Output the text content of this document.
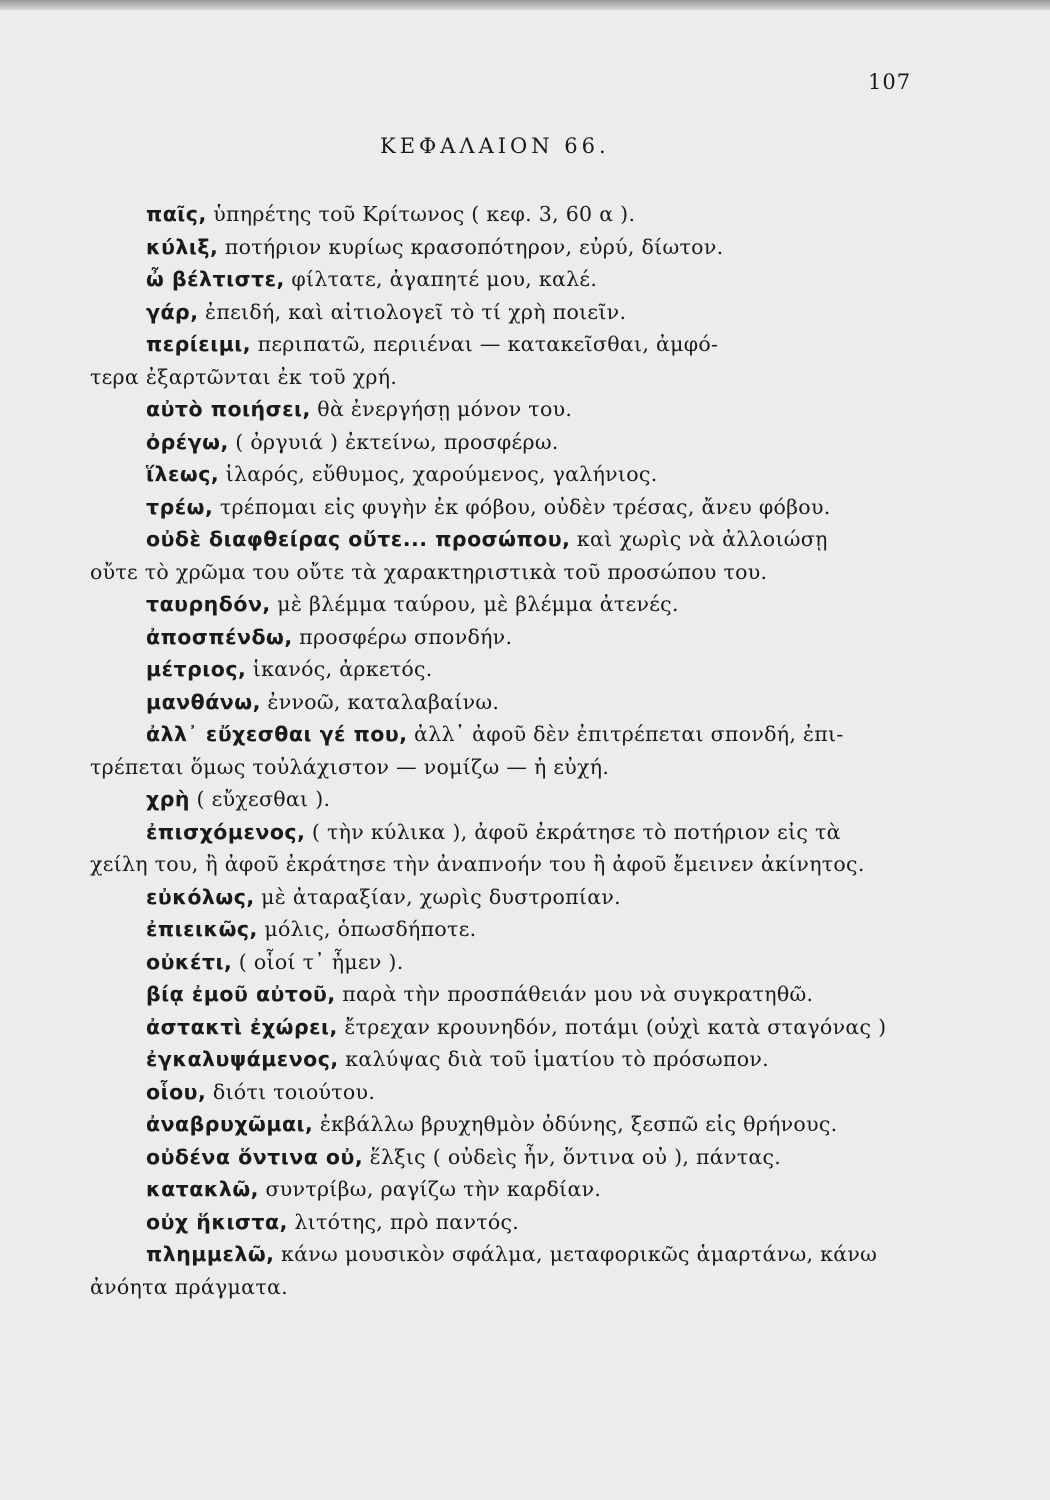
107
ΚΕΦΑΛΑΙΟΝ 66.
παῖς, ὑπηρέτης τοῦ Κρίτωνος ( κεφ. 3, 60 α ).
κύλιξ, ποτήριον κυρίως κρασοπότηρον, εὐρύ, δίωτον.
ὦ βέλτιστε, φίλτατε, ἀγαπητέ μου, καλέ.
γάρ, ἐπειδή, καὶ αἰτιολογεῖ τὸ τί χρὴ ποιεῖν.
περίειμι, περιπατῶ, περιιέναι — κατακεῖσθαι, ἀμφό-
τερα ἐξαρτῶνται ἐκ τοῦ χρή.
αὐτὸ ποιήσει, θὰ ἐνεργήσῃ μόνον του.
ὀρέγω, ( ὀργυιά ) ἐκτείνω, προσφέρω.
ἵλεως, ἱλαρός, εὔθυμος, χαρούμενος, γαλήνιος.
τρέω, τρέπομαι εἰς φυγὴν ἐκ φόβου, οὐδὲν τρέσας, ἄνευ φόβου.
οὐδὲ διαφθείρας οὔτε... προσώπου, καὶ χωρὶς νὰ ἀλλοιώσῃ
οὔτε τὸ χρῶμα του οὔτε τὰ χαρακτηριστικὰ τοῦ προσώπου του.
ταυρηδόν, μὲ βλέμμα ταύρου, μὲ βλέμμα ἀτενές.
ἀποσπένδω, προσφέρω σπονδήν.
μέτριος, ἱκανός, ἀρκετός.
μανθάνω, ἐννοῶ, καταλαβαίνω.
ἀλλ᾽ εὔχεσθαι γέ που, ἀλλ᾽ ἀφοῦ δὲν ἐπιτρέπεται σπονδή, ἐπι-
τρέπεται ὅμως τοὐλάχιστον — νομίζω — ἡ εὐχή.
χρὴ ( εὔχεσθαι ).
ἐπισχόμενος, ( τὴν κύλικα ), ἀφοῦ ἐκράτησε τὸ ποτήριον εἰς τὰ
χείλη του, ἢ ἀφοῦ ἐκράτησε τὴν ἀναπνοήν του ἢ ἀφοῦ ἔμεινεν ἀκίνητος.
εὐκόλως, μὲ ἀταραξίαν, χωρὶς δυστροπίαν.
ἐπιεικῶς, μόλις, ὁπωσδήποτε.
οὐκέτι, ( οἷοί τ᾽ ἦμεν ).
βίᾳ ἐμοῦ αὐτοῦ, παρὰ τὴν προσπάθειάν μου νὰ συγκρατηθῶ.
ἀστακτὶ ἐχώρει, ἔτρεχαν κρουνηδόν, ποτάμι (οὐχὶ κατὰ σταγόνας )
ἐγκαλυψάμενος, καλύψας διὰ τοῦ ἱματίου τὸ πρόσωπον.
οἷου, διότι τοιούτου.
ἀναβρυχῶμαι, ἐκβάλλω βρυχηθμὸν ὀδύνης, ξεσπῶ εἰς θρήνους.
οὐδένα ὅντινα οὐ, ἕλξις ( οὐδεὶς ἦν, ὅντινα οὐ ), πάντας.
κατακλῶ, συντρίβω, ραγίζω τὴν καρδίαν.
οὐχ ἥκιστα, λιτότης, πρὸ παντός.
πλημμελῶ, κάνω μουσικὸν σφάλμα, μεταφορικῶς ἁμαρτάνω, κάνω
ἀνόητα πράγματα.
